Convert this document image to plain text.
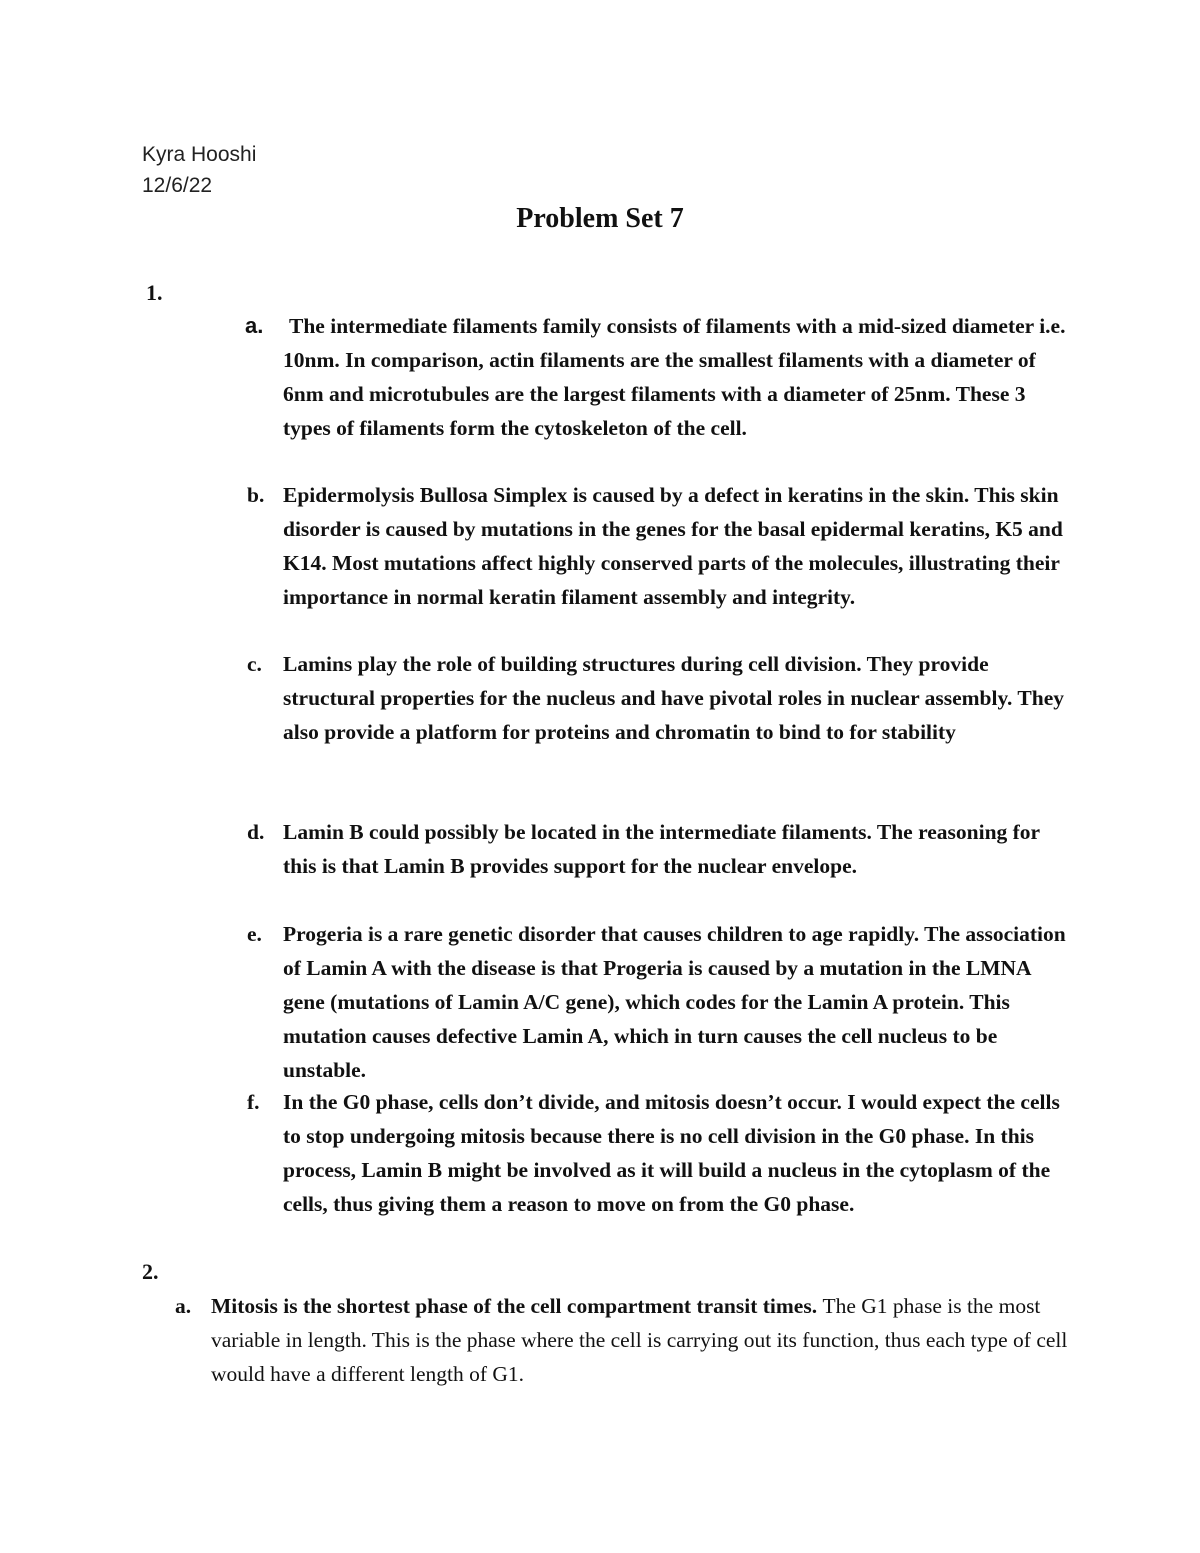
Kyra Hooshi
12/6/22
Problem Set 7
1.
a.	The intermediate filaments family consists of filaments with a mid-sized diameter i.e. 10nm. In comparison, actin filaments are the smallest filaments with a diameter of 6nm and microtubules are the largest filaments with a diameter of 25nm. These 3 types of filaments form the cytoskeleton of the cell.
b. Epidermolysis Bullosa Simplex is caused by a defect in keratins in the skin. This skin disorder is caused by mutations in the genes for the basal epidermal keratins, K5 and K14. Most mutations affect highly conserved parts of the molecules, illustrating their importance in normal keratin filament assembly and integrity.
c. Lamins play the role of building structures during cell division. They provide structural properties for the nucleus and have pivotal roles in nuclear assembly. They also provide a platform for proteins and chromatin to bind to for stability
d. Lamin B could possibly be located in the intermediate filaments. The reasoning for this is that Lamin B provides support for the nuclear envelope.
e. Progeria is a rare genetic disorder that causes children to age rapidly. The association of Lamin A with the disease is that Progeria is caused by a mutation in the LMNA gene (mutations of Lamin A/C gene), which codes for the Lamin A protein. This mutation causes defective Lamin A, which in turn causes the cell nucleus to be unstable.
f.	In the G0 phase, cells don’t divide, and mitosis doesn’t occur. I would expect the cells to stop undergoing mitosis because there is no cell division in the G0 phase. In this process, Lamin B might be involved as it will build a nucleus in the cytoplasm of the cells, thus giving them a reason to move on from the G0 phase.
2.
a. Mitosis is the shortest phase of the cell compartment transit times. The G1 phase is the most variable in length. This is the phase where the cell is carrying out its function, thus each type of cell would have a different length of G1.
